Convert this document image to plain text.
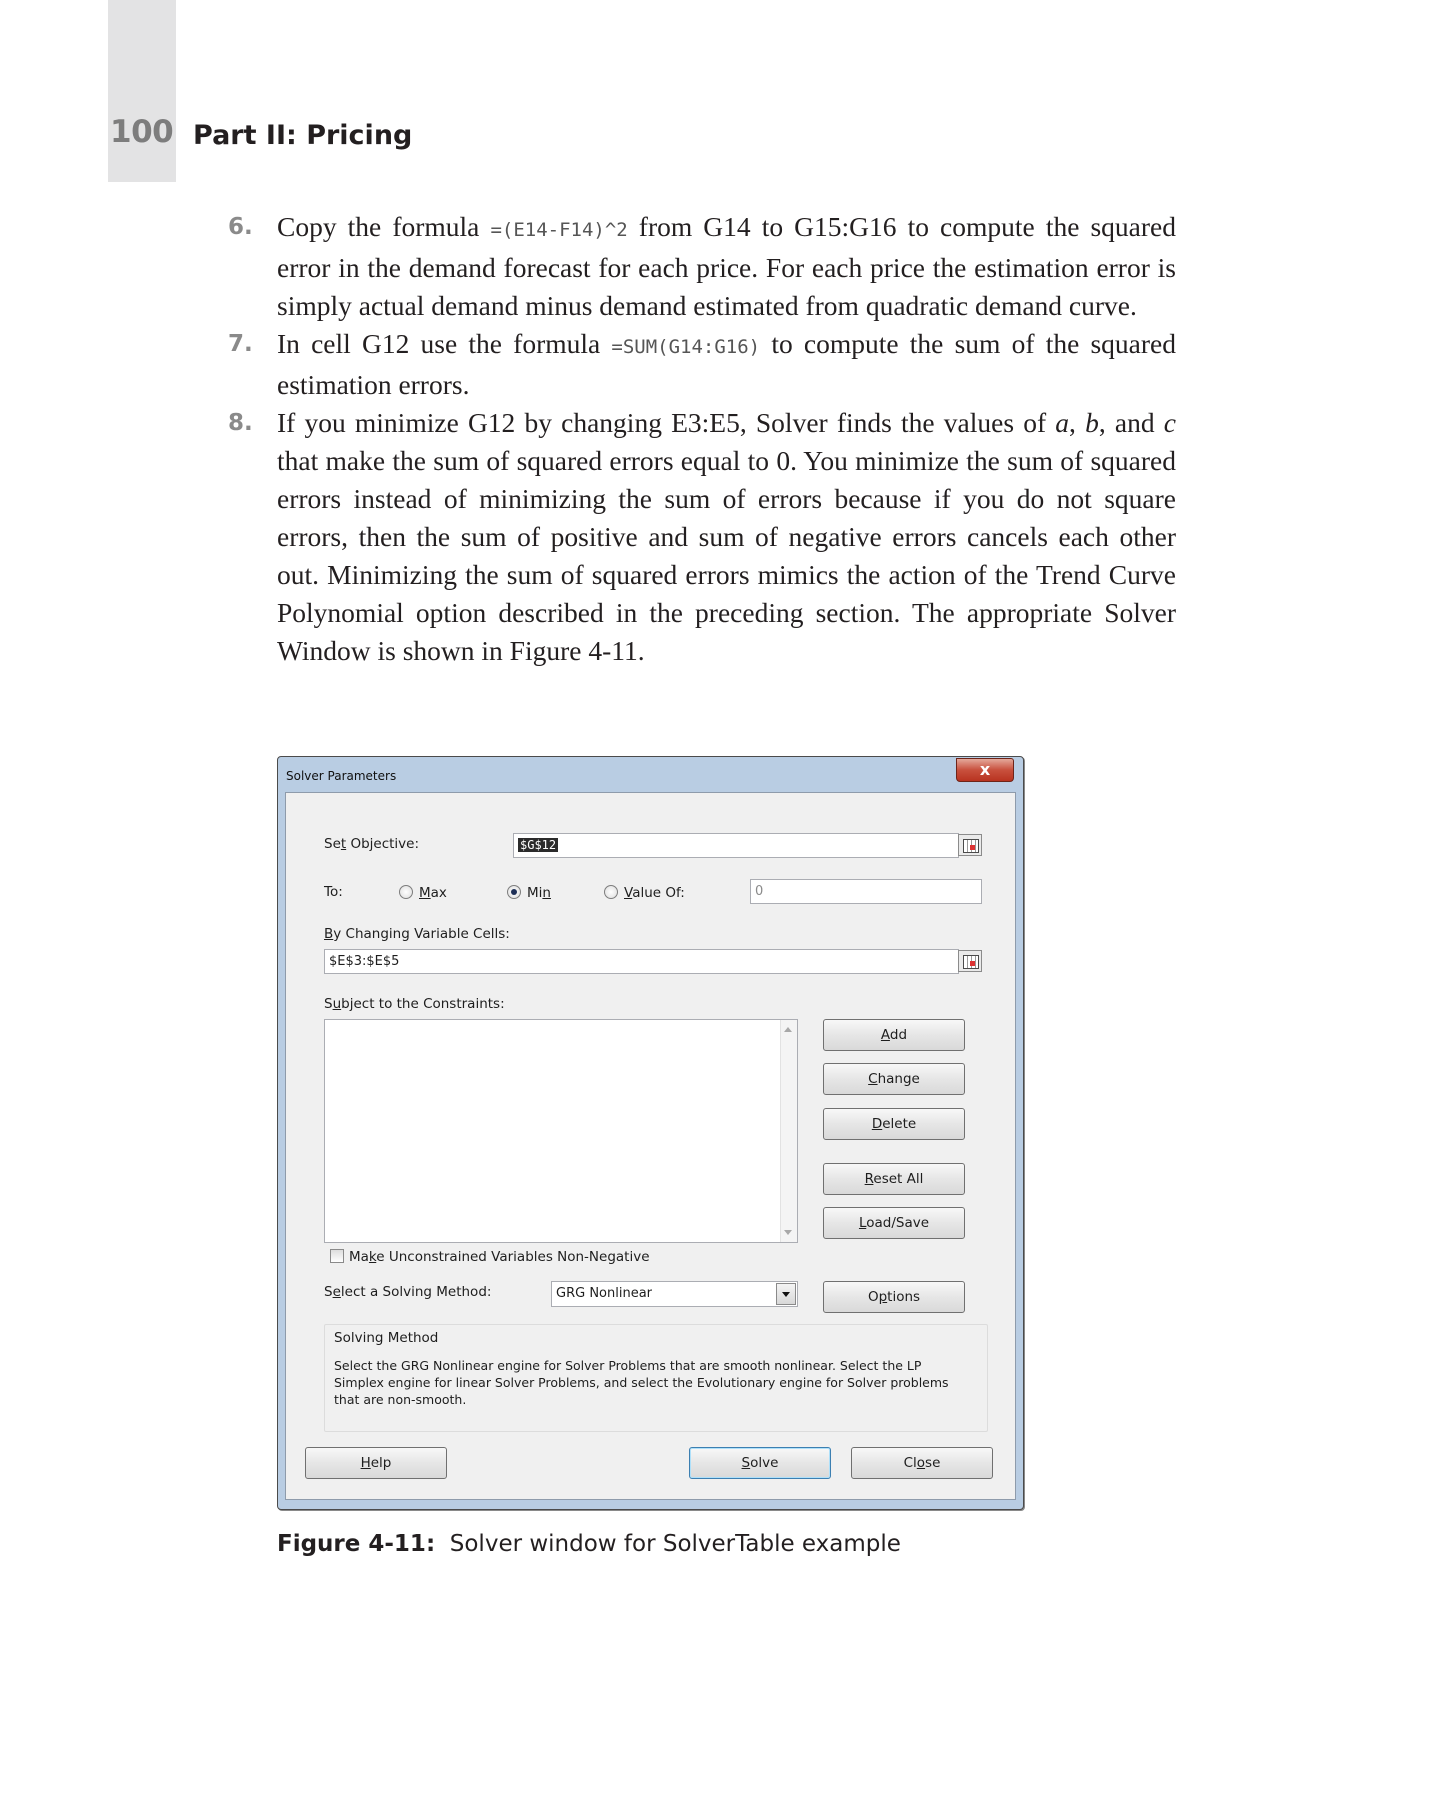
100 Part II: Pricing
6. Copy the formula =(E14-F14)^2 from G14 to G15:G16 to compute the squared error in the demand forecast for each price. For each price the estimation error is simply actual demand minus demand estimated from quadratic demand curve.
7. In cell G12 use the formula =SUM(G14:G16) to compute the sum of the squared estimation errors.
8. If you minimize G12 by changing E3:E5, Solver finds the values of a, b, and c that make the sum of squared errors equal to 0. You minimize the sum of squared errors instead of minimizing the sum of errors because if you do not square errors, then the sum of positive and sum of negative errors cancels each other out. Minimizing the sum of squared errors mimics the action of the Trend Curve Polynomial option described in the preceding section. The appropriate Solver Window is shown in Figure 4-11.
Solver Parameters	x
Set Objective:	$G$12
To:	Max	Min	Value Of:	0
By Changing Variable Cells:
$E$3:$E$5
Subject to the Constraints:
Add
Change
Delete
Reset All
Load/Save
Make Unconstrained Variables Non-Negative
Select a Solving Method:	GRG Nonlinear	Options
Solving Method
Select the GRG Nonlinear engine for Solver Problems that are smooth nonlinear. Select the LP Simplex engine for linear Solver Problems, and select the Evolutionary engine for Solver problems that are non-smooth.
Help	Solve	Close
Figure 4-11: Solver window for SolverTable example
